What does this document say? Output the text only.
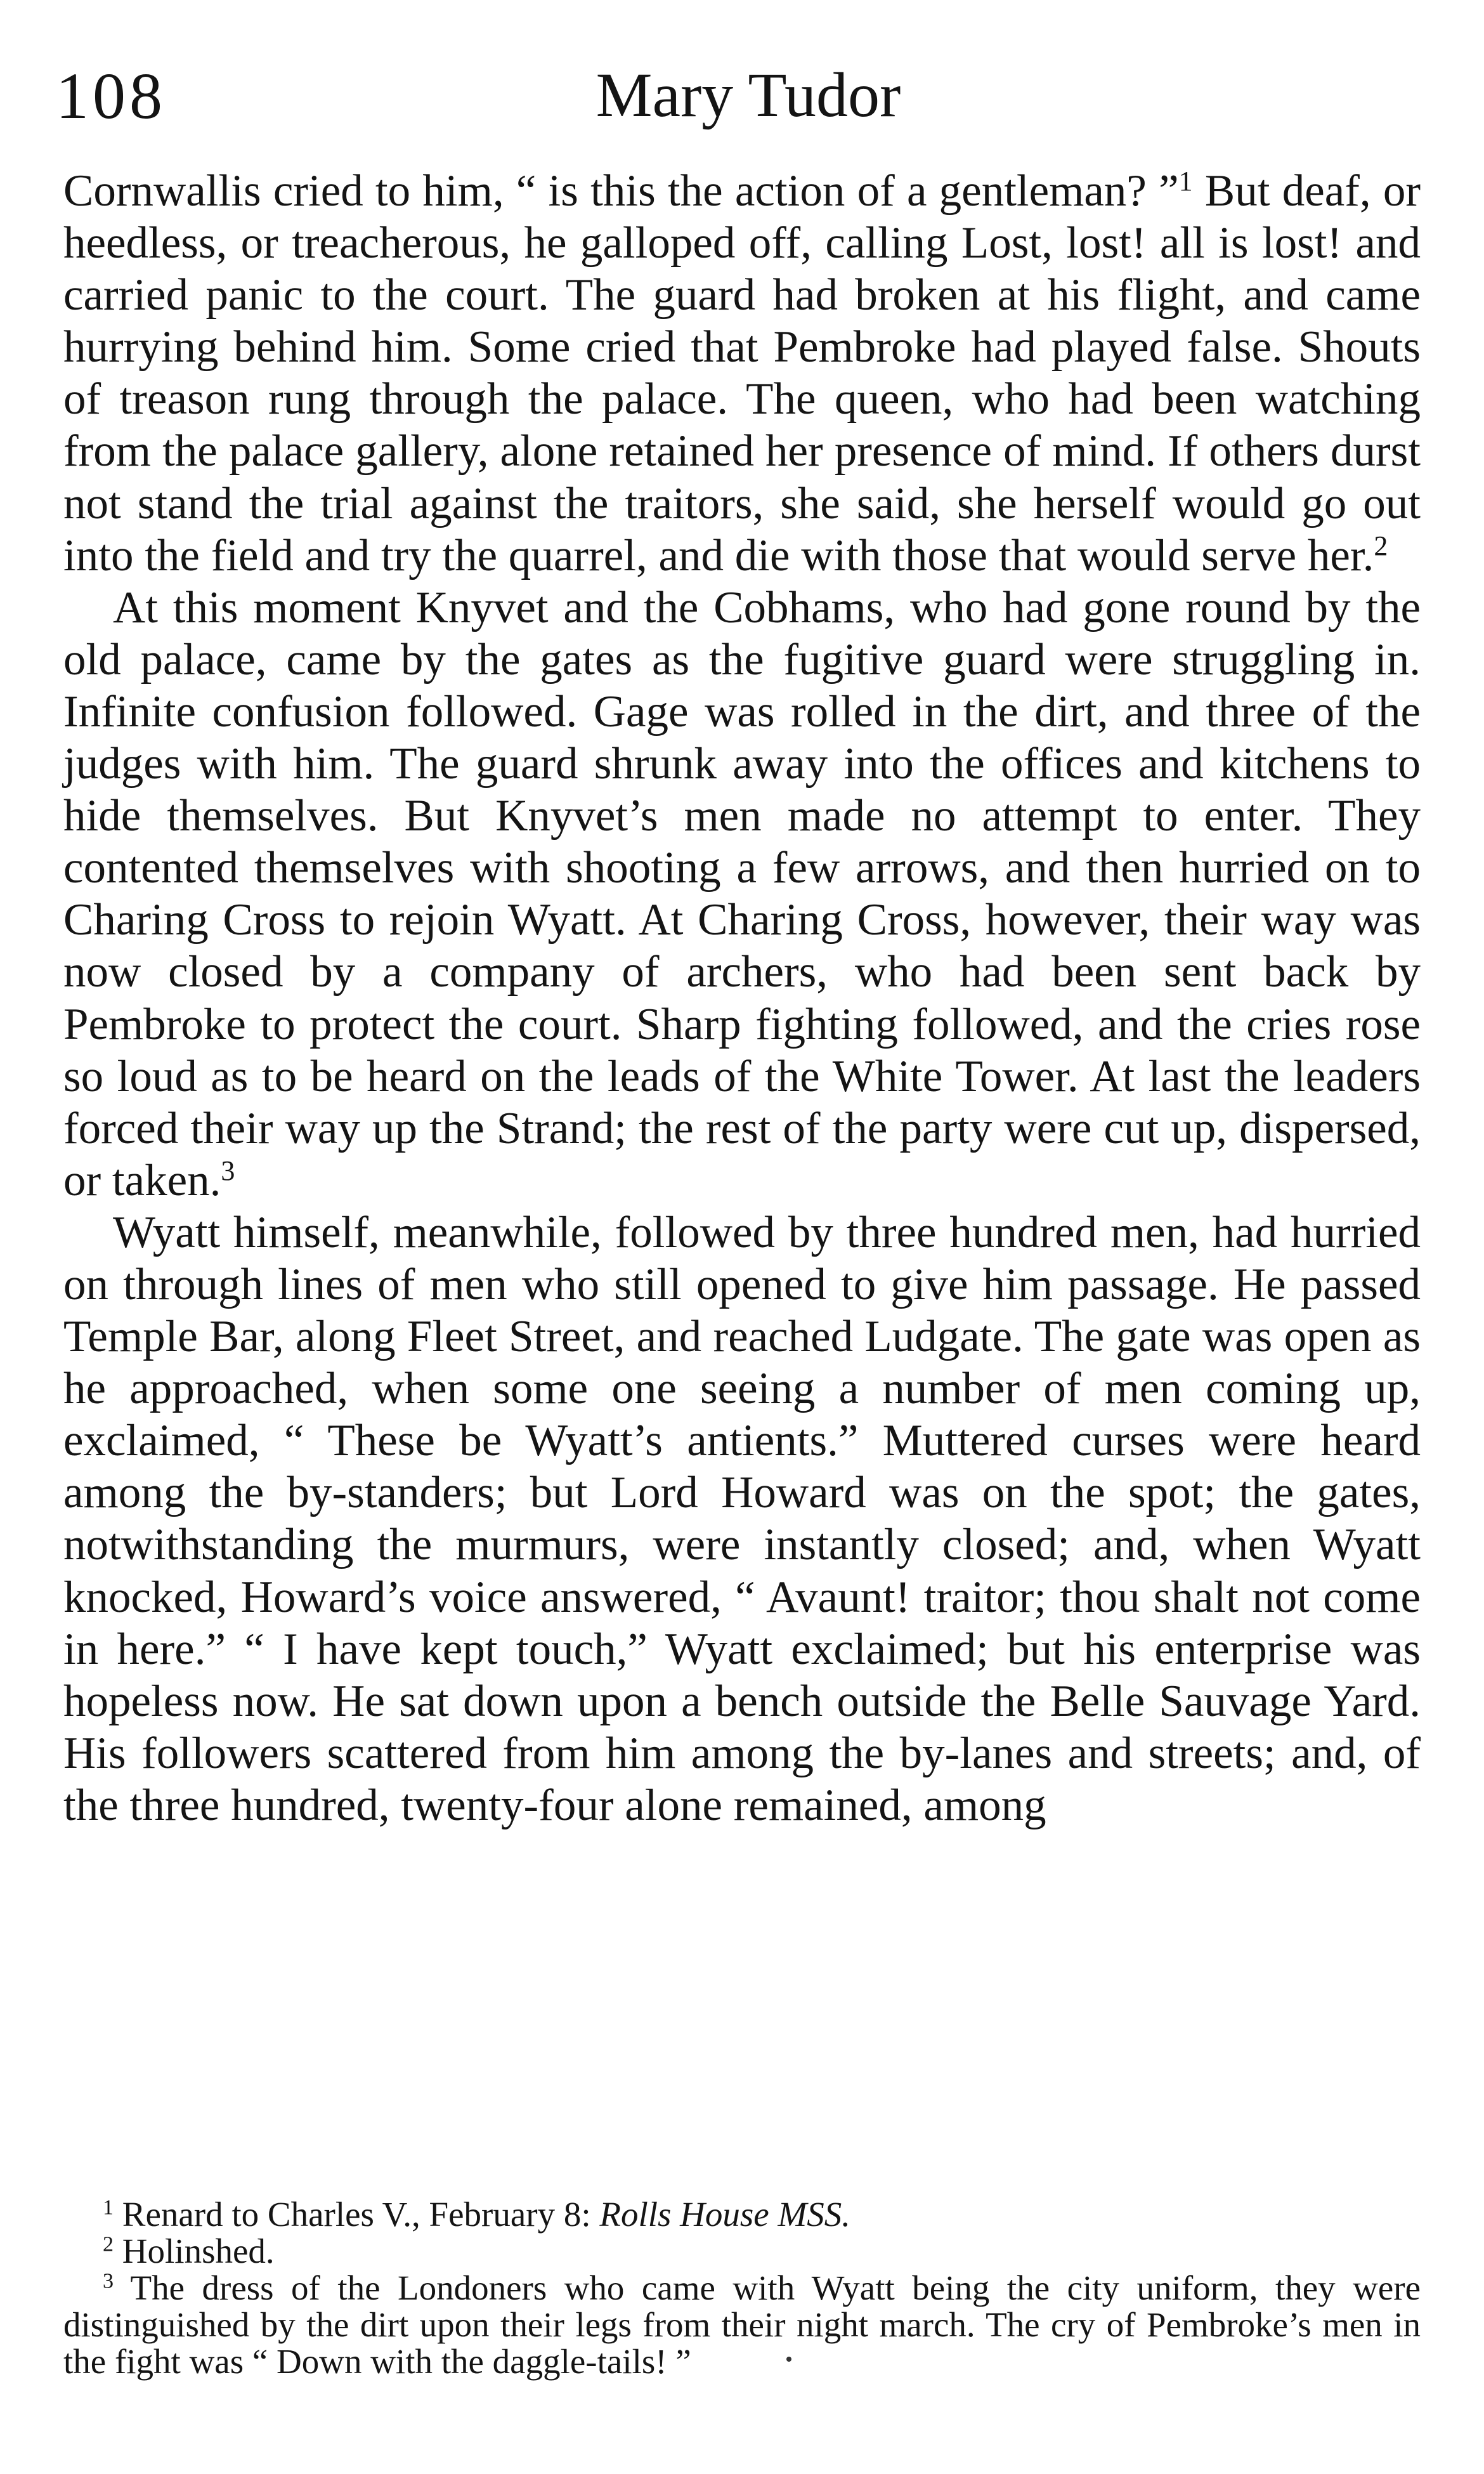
108	Mary Tudor

Cornwallis cried to him, “ is this the action of a gentleman? ”$^1$ But deaf, or heedless, or treacherous, he galloped off, calling Lost, lost! all is lost! and carried panic to the court. The guard had broken at his flight, and came hurrying behind him. Some cried that Pembroke had played false. Shouts of treason rung through the palace. The queen, who had been watching from the palace gallery, alone retained her presence of mind. If others durst not stand the trial against the traitors, she said, she herself would go out into the field and try the quarrel, and die with those that would serve her.$^2$

At this moment Knyvet and the Cobhams, who had gone round by the old palace, came by the gates as the fugitive guard were struggling in. Infinite confusion followed. Gage was rolled in the dirt, and three of the judges with him. The guard shrunk away into the offices and kitchens to hide themselves. But Knyvet’s men made no attempt to enter. They contented themselves with shooting a few arrows, and then hurried on to Charing Cross to rejoin Wyatt. At Charing Cross, however, their way was now closed by a company of archers, who had been sent back by Pembroke to protect the court. Sharp fighting followed, and the cries rose so loud as to be heard on the leads of the White Tower. At last the leaders forced their way up the Strand; the rest of the party were cut up, dispersed, or taken.$^3$

Wyatt himself, meanwhile, followed by three hundred men, had hurried on through lines of men who still opened to give him passage. He passed Temple Bar, along Fleet Street, and reached Ludgate. The gate was open as he approached, when some one seeing a number of men coming up, exclaimed, “ These be Wyatt’s antients.” Muttered curses were heard among the by-standers; but Lord Howard was on the spot; the gates, notwithstanding the murmurs, were instantly closed; and, when Wyatt knocked, Howard’s voice answered, “ Avaunt! traitor; thou shalt not come in here.” “ I have kept touch,” Wyatt exclaimed; but his enterprise was hopeless now. He sat down upon a bench outside the Belle Sauvage Yard. His followers scattered from him among the by-lanes and streets; and, of the three hundred, twenty-four alone remained, among

$^1$ Renard to Charles V., February 8: Rolls House MSS.

$^2$ Holinshed.

$^3$ The dress of the Londoners who came with Wyatt being the city uniform, they were distinguished by the dirt upon their legs from their night march. The cry of Pembroke’s men in the fight was “ Down with the daggle-tails! ”
